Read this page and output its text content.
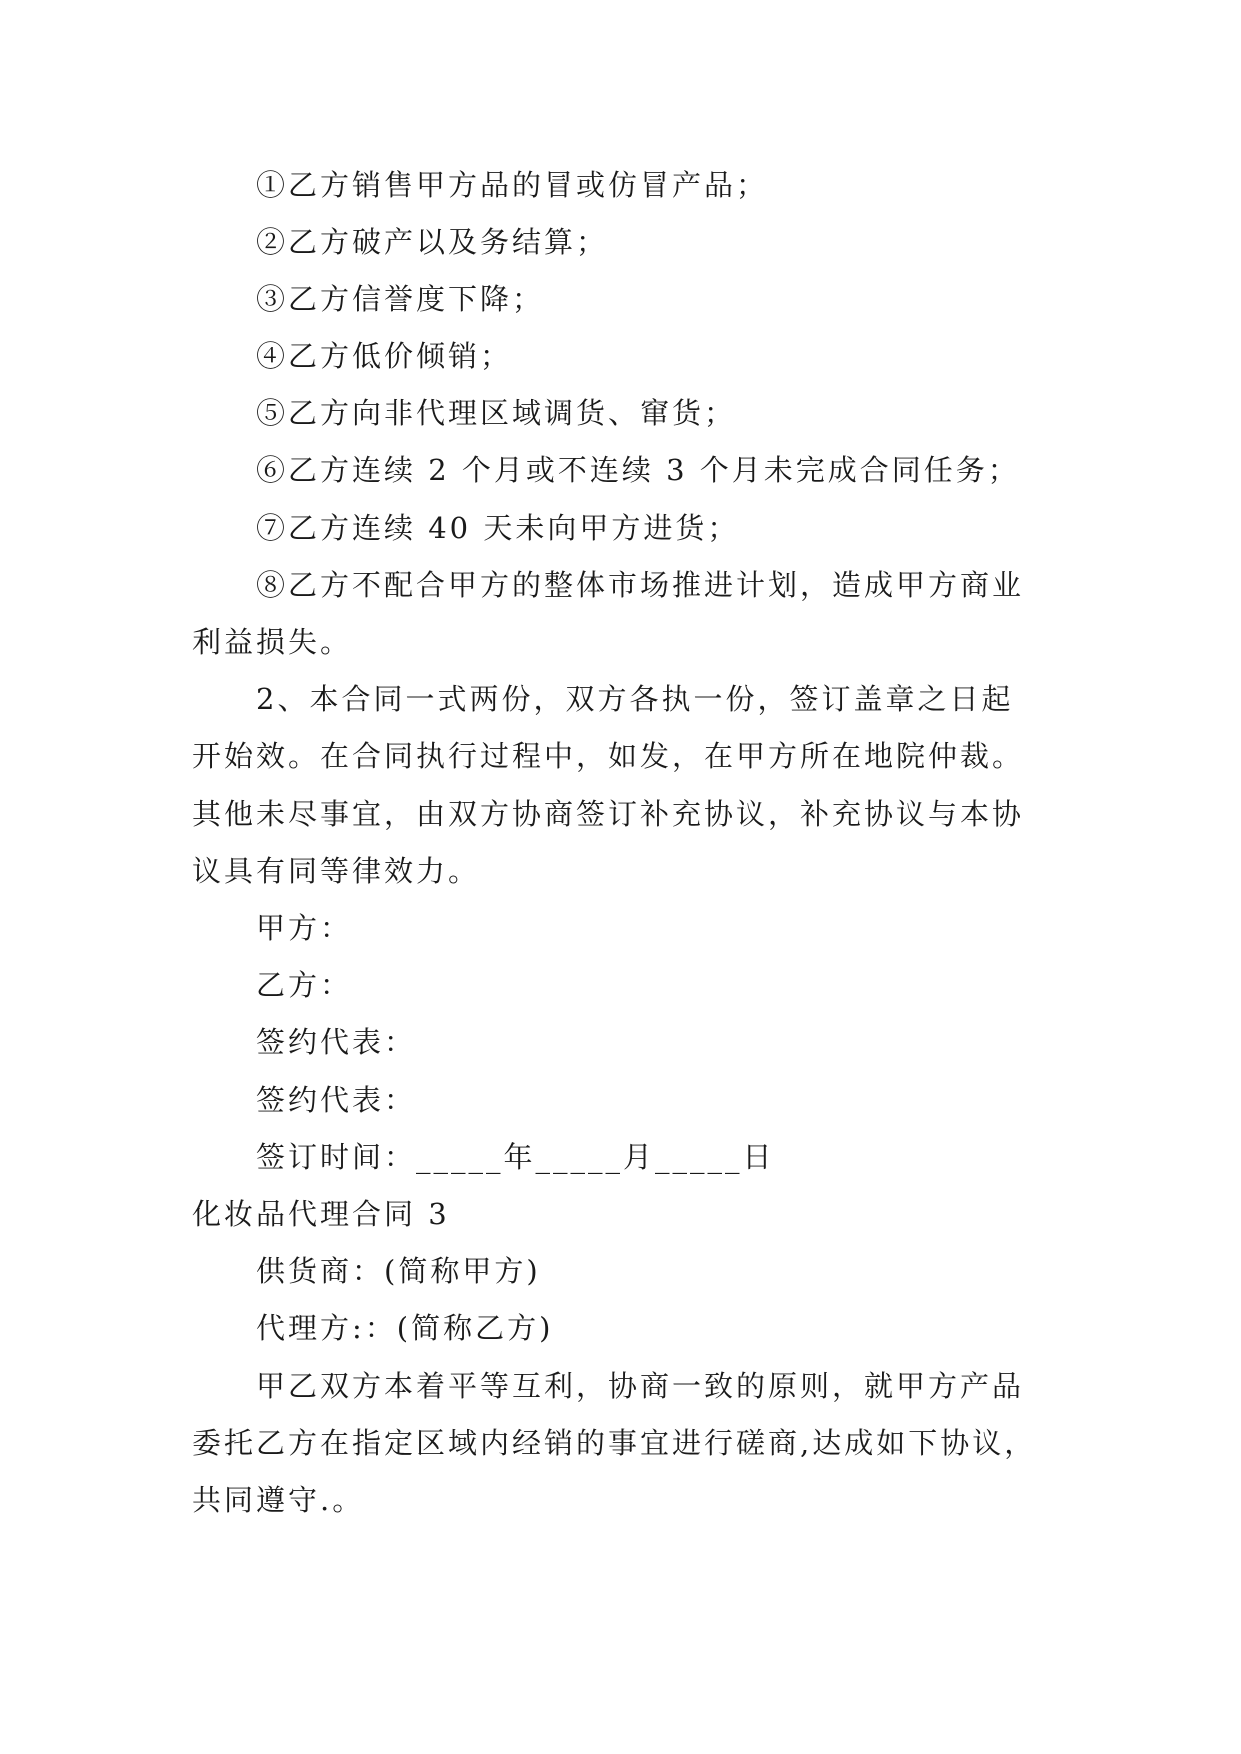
①乙方销售甲方品的冒或仿冒产品；
②乙方破产以及务结算；
③乙方信誉度下降；
④乙方低价倾销；
⑤乙方向非代理区域调货、窜货；
⑥乙方连续 2 个月或不连续 3 个月未完成合同任务；
⑦乙方连续 40 天未向甲方进货；
⑧乙方不配合甲方的整体市场推进计划，造成甲方商业
利益损失。
2、本合同一式两份，双方各执一份，签订盖章之日起
开始效。在合同执行过程中，如发，在甲方所在地院仲裁。
其他未尽事宜，由双方协商签订补充协议，补充协议与本协
议具有同等律效力。
甲方：
乙方：
签约代表：
签约代表：
签订时间：_____年_____月_____日
化妆品代理合同 3
供货商：(简称甲方)
代理方:：(简称乙方)
甲乙双方本着平等互利，协商一致的原则，就甲方产品
委托乙方在指定区域内经销的事宜进行磋商,达成如下协议，
共同遵守.。
